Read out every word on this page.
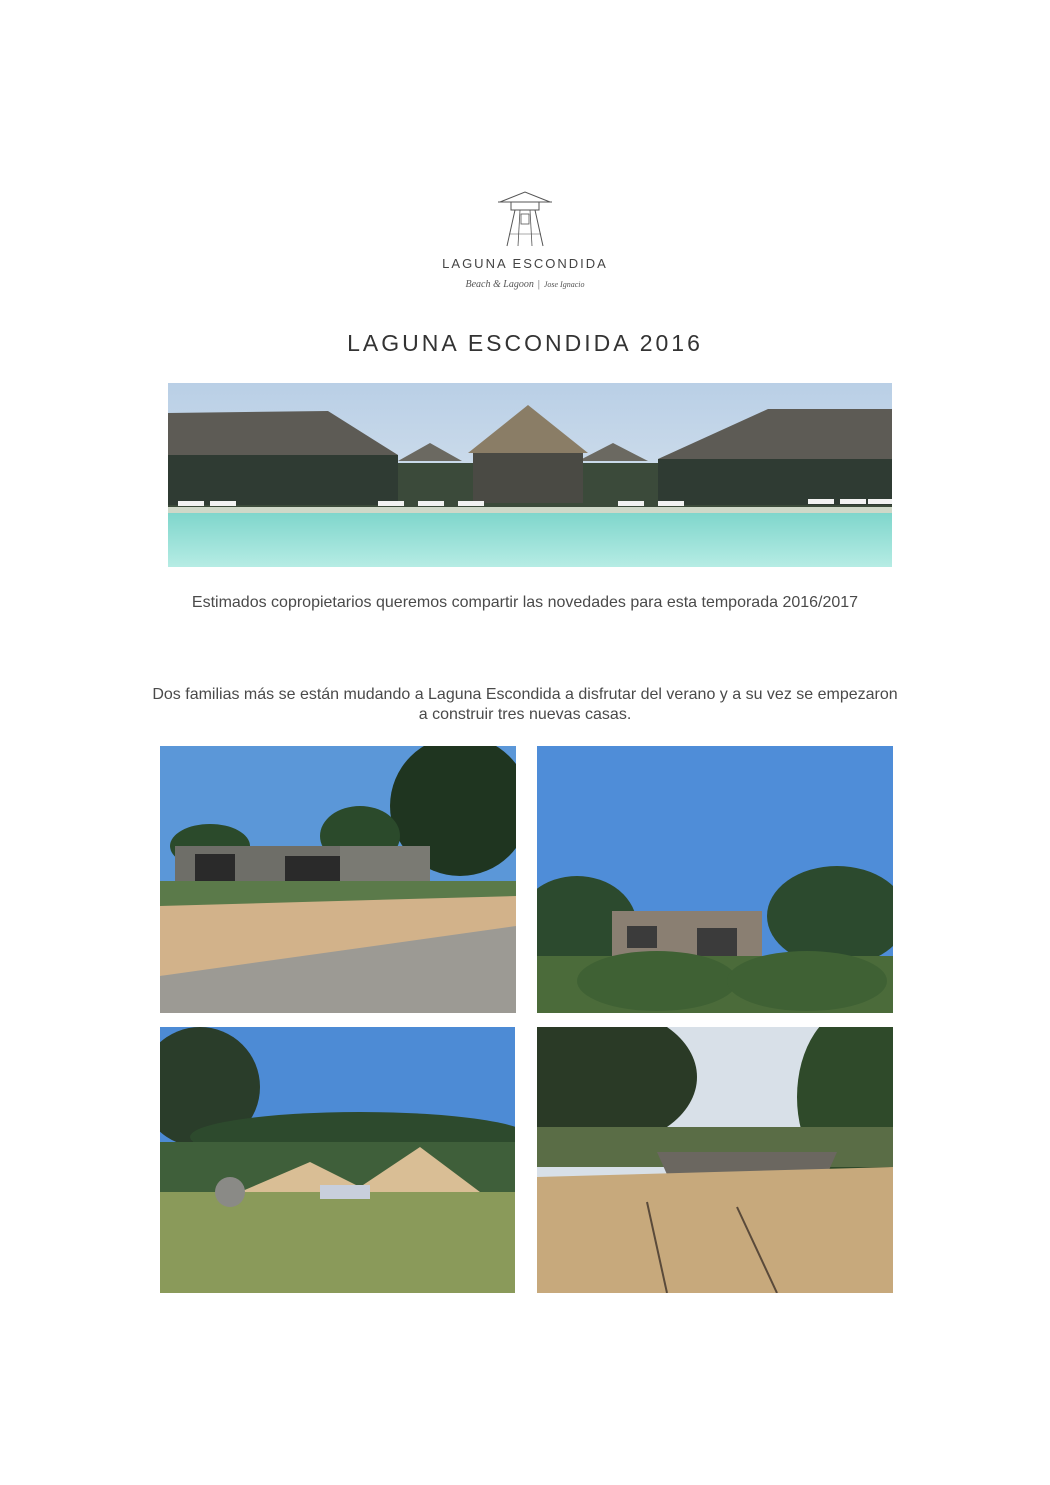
LAGUNA ESCONDIDA
Beach & Lagoon | Jose Ignacio
LAGUNA ESCONDIDA 2016
Estimados copropietarios queremos compartir las novedades para esta temporada 2016/2017
Dos familias más se están mudando a Laguna Escondida a disfrutar del verano y a su vez se empezaron a construir tres nuevas casas.
